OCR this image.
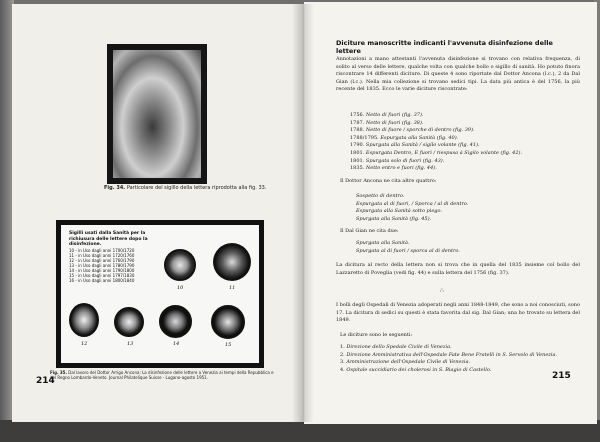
Fig. 34. Particolare del sigillo della lettera riprodotta alla fig. 33.
Sigilli usati dalla Sanità per la richiusura delle lettere dopo la disinfezione.
10 - in Uso dagli anni 1700/1720
11 - in Uso dagli anni 1720/1760
12 - in Uso dagli anni 1760/1790
13 - in Uso dagli anni 1780/1790
14 - in Uso dagli anni 1790/1800
15 - in Uso dagli anni 1797/1830
16 - in Uso dagli anni 1800/1840
10	11
12	13	14	15
Fig. 35. Dal lavoro del Dottor Arrigo Ancona: La disinfezione delle lettere a Venezia ai tempi della Repubblica e del Regno Lombardo-Veneto. Journal Philatelique Suisse - Lugano-agosto 1951.
214
Diciture manoscritte indicanti l'avvenuta disinfezione delle lettere
Annotazioni a mano attestanti l'avvenuta disinfezione si trovano con relativa frequenza, di solito al verso delle lettere, qualche volta con qualche bollo o sigillo di sanità. Ho potuto finora riscontrare 14 differenti diciture. Di queste 4 sono riportate dal Dottor Ancona (l.c.), 2 da Dal Gian (l.c.). Nella mia collezione si trovano sedici tipi. La data più antica è del 1756, la più recente del 1835. Ecco le varie diciture riscontrate:
1756. Netto di fuori (fig. 37).
1787. Netto di fuori (fig. 38).
1788. Netto di fuore / sporche di dentro (fig. 39).
1788/1795. Espurgata alla Sanità (fig. 40).
1790. Spurgata alla Sanità / sigilo volante (fig. 41).
1801. Espurgata Dentro, E fuori / riespusa à Sigilo volante (fig. 42).
1801. Spurgata solo di fuori (fig. 43).
1835. Netto entro e fuori (fig. 44).
Il Dottor Ancona ne cita altre quattro:
Sospetto di dentro.
Espurgata al di fuori, / Sporca / al di dentro.
Espurgata alla Sanità sotto piego.
Spurgata alla Sanità (fig. 45).
Il Dal Gian ne cita due:
Spurgata alla Sanità.
Spurgata al di fuori / sporca al di dentro.
La dicitura al recto della lettera non si trova che in quella del 1835 insieme col bollo del Lazzaretto di Poveglia (vedi fig. 44) e sulla lettera del 1756 (fig. 37).
∴
I bolli degli Ospedali di Venezia adoperati negli anni 1848-1849, che sono a noi conosciuti, sono 17. La dicitura di sedici su questi è stata favorita dal sig. Dal Gian; una ho trovato su lettera del 1849.
Le diciture sono le seguenti:
1. Direzione dello Spedale Civile di Venezia.
2. Direzione Amministrativa dell'Ospedale Fate Bene Fratelli in S. Servolo di Venezia.
3. Amministrazione dell'Ospedale Civile di Venezia.
4. Ospitale succidiario dei cholerosi in S. Biagio di Castello.
215
